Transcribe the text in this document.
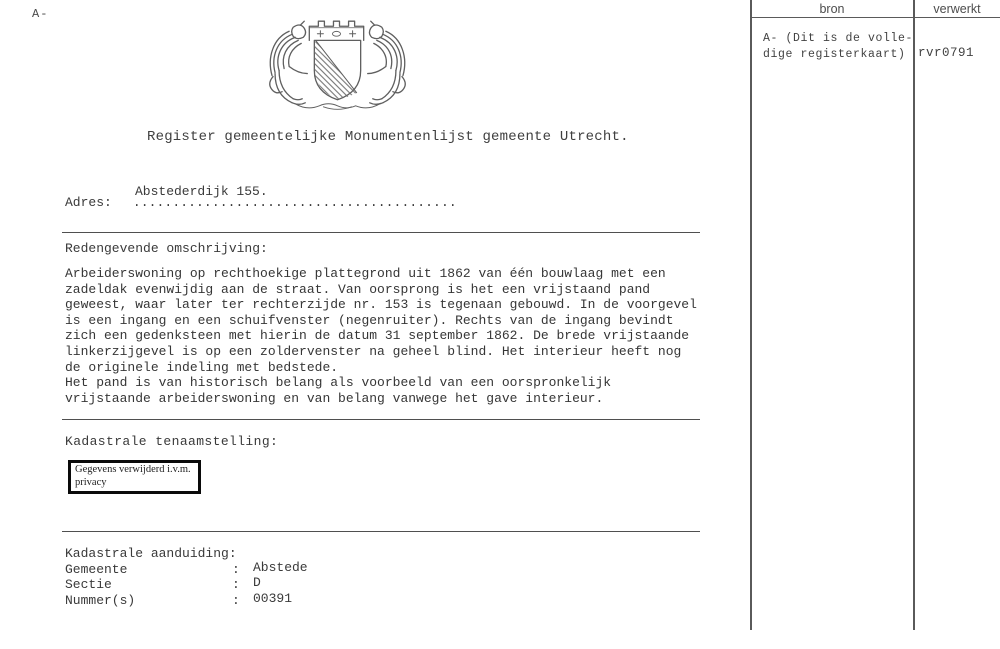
A-
Register gemeentelijke Monumentenlijst gemeente Utrecht.
Abstederdijk 155.
Adres: .........................................
Redengevende omschrijving:
Arbeiderswoning op rechthoekige plattegrond uit 1862 van één bouwlaag met een
zadeldak evenwijdig aan de straat. Van oorsprong is het een vrijstaand pand
geweest, waar later ter rechterzijde nr. 153 is tegenaan gebouwd. In de voorgevel
is een ingang en een schuifvenster (negenruiter). Rechts van de ingang bevindt
zich een gedenksteen met hierin de datum 31 september 1862. De brede vrijstaande
linkerzijgevel is op een zoldervenster na geheel blind. Het interieur heeft nog
de originele indeling met bedstede.
Het pand is van historisch belang als voorbeeld van een oorspronkelijk
vrijstaande arbeiderswoning en van belang vanwege het gave interieur.
Kadastrale tenaamstelling:
Gegevens verwijderd i.v.m.
privacy
Kadastrale aanduiding:
Gemeente	: Abstede
Sectie	: D
Nummer(s)	: 00391
bron	verwerkt
A- (Dit is de volle-
dige registerkaart) rvr0791
